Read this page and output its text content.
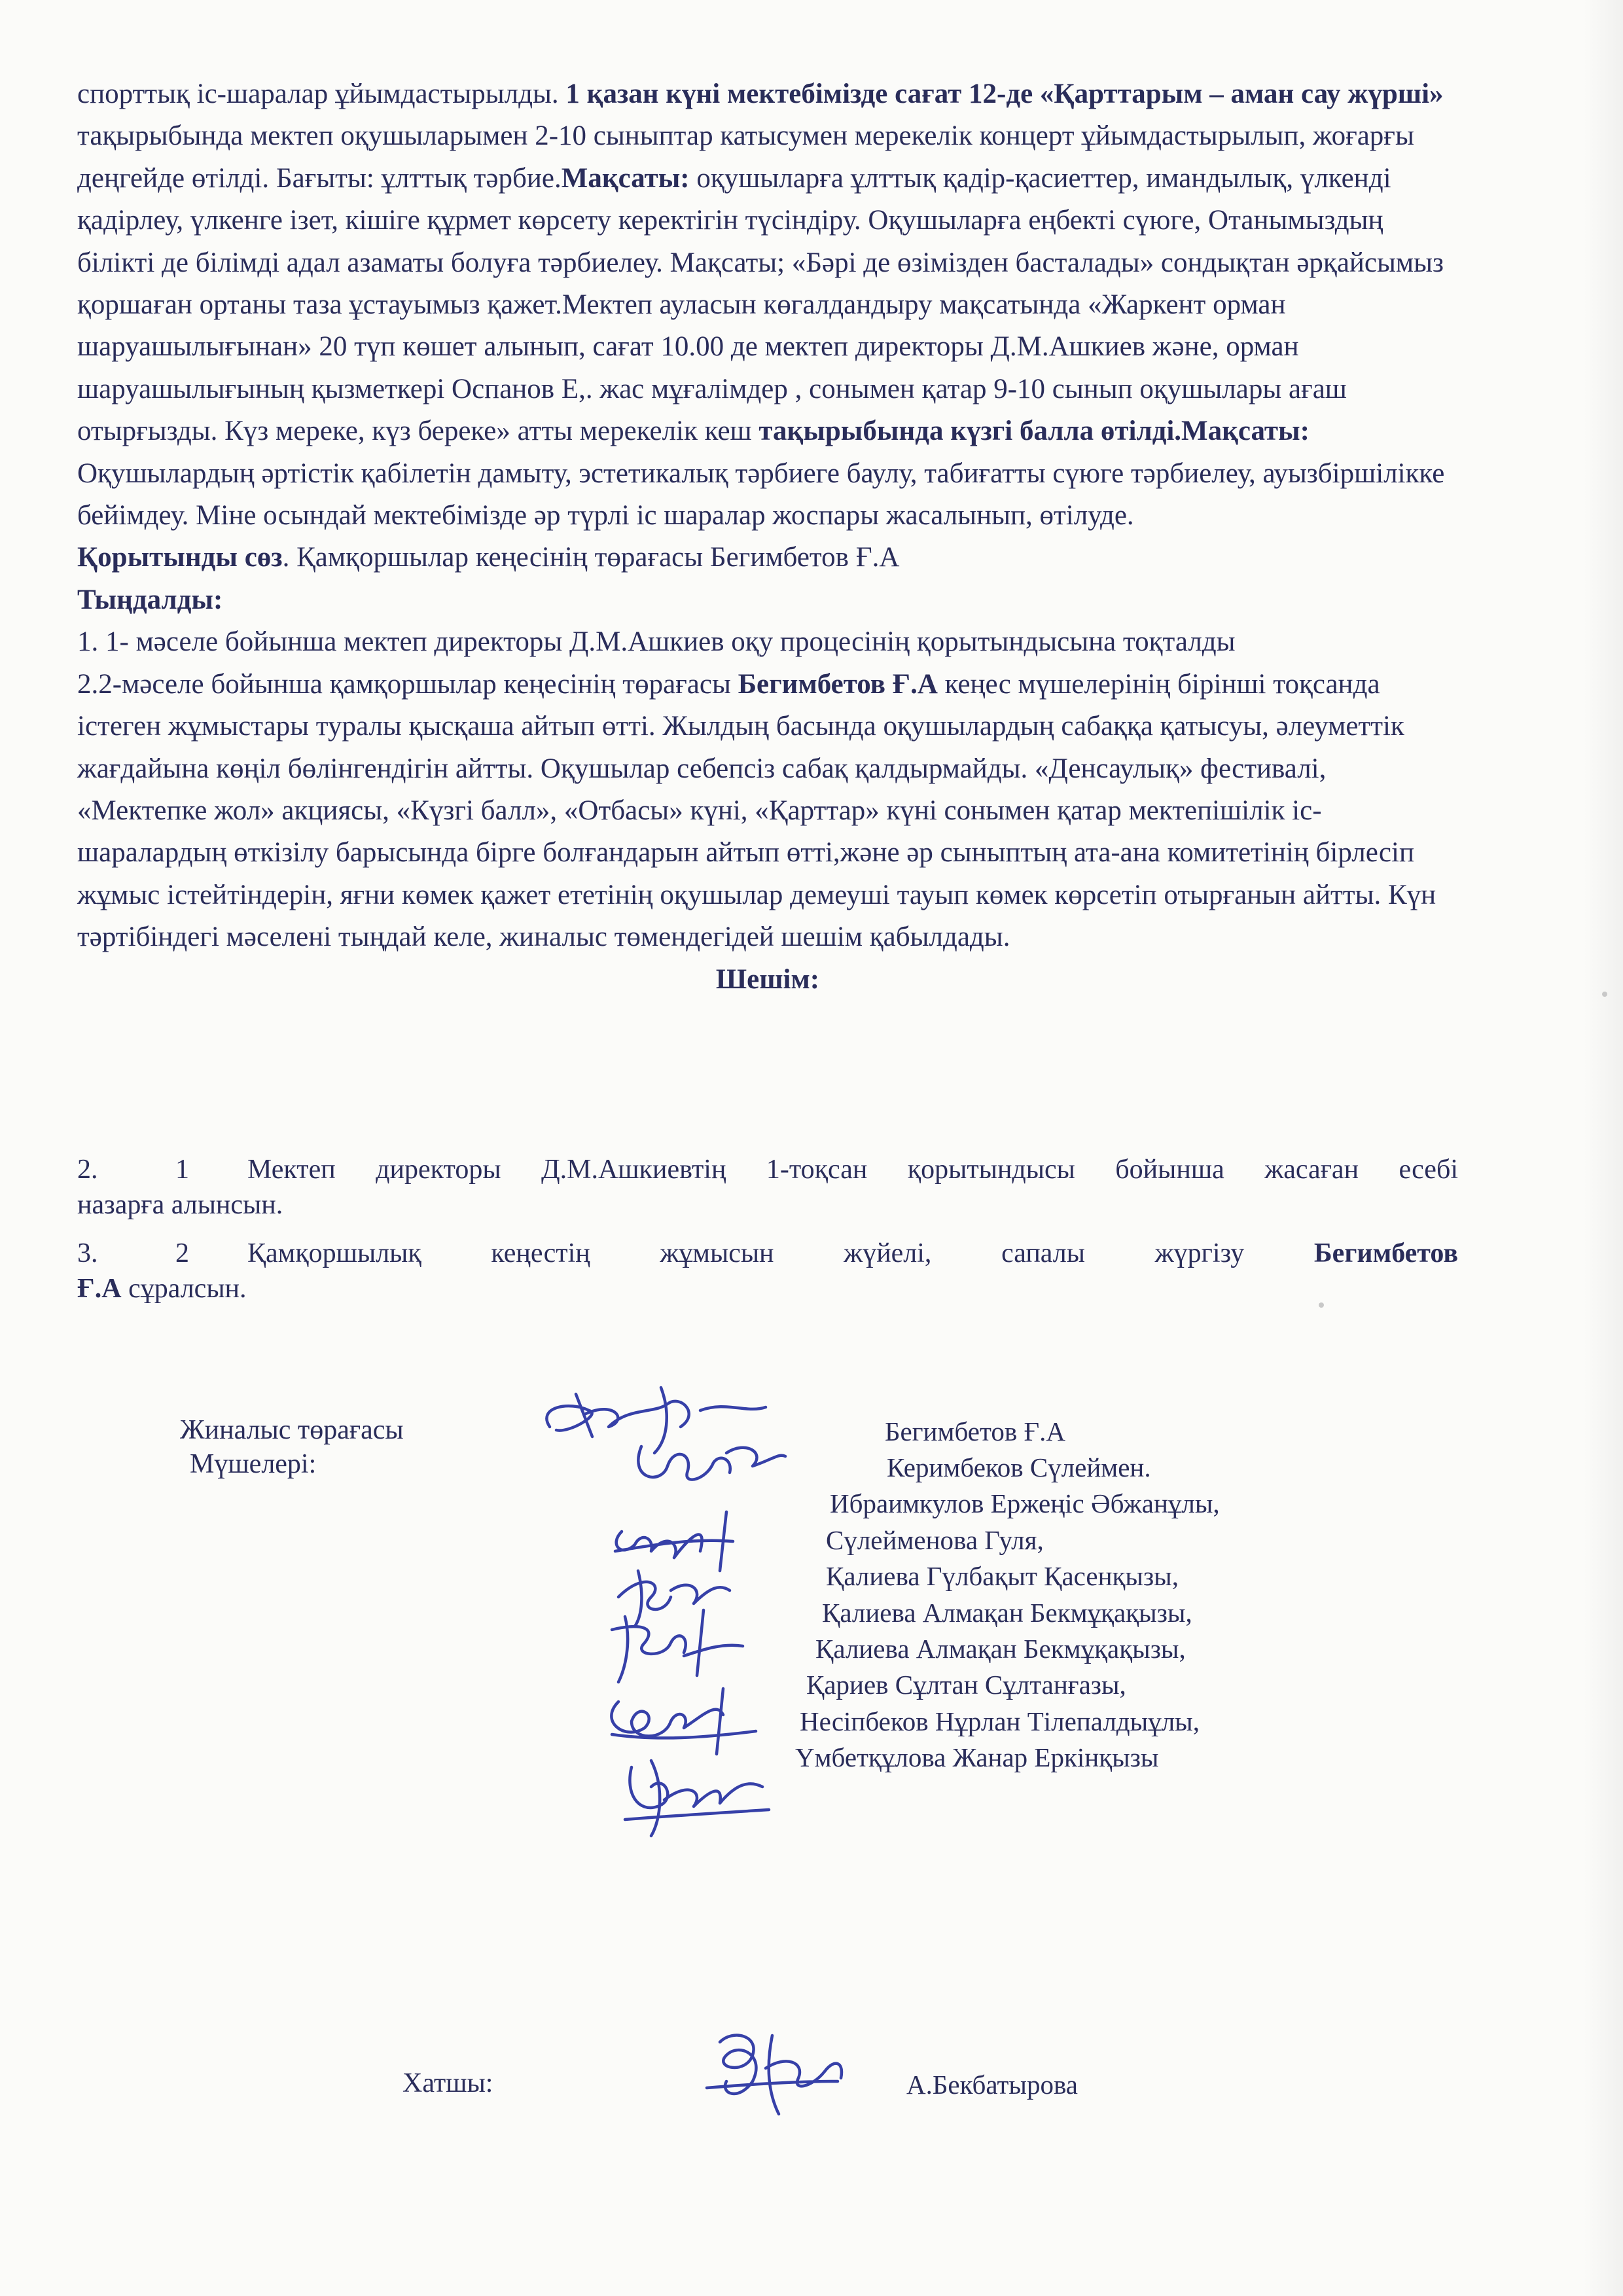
спорттық іс-шаралар ұйымдастырылды. 1 қазан күні мектебімізде сағат 12-де «Қарттарым – аман сау жүрші» тақырыбында мектеп оқушыларымен 2-10 сыныптар катысумен мерекелік концерт ұйымдастырылып, жоғарғы деңгейде өтілді. Бағыты: ұлттық тәрбие.Мақсаты: оқушыларға ұлттық қадір-қасиеттер, имандылық, үлкенді қадірлеу, үлкенге ізет, кішіге құрмет көрсету керектігін түсіндіру. Оқушыларға еңбекті сүюге, Отанымыздың білікті де білімді адал азаматы болуға тәрбиелеу. Мақсаты; «Бәрі де өзімізден басталады» сондықтан әрқайсымыз қоршаған ортаны таза ұстауымыз қажет.Мектеп ауласын көгалдандыру мақсатында «Жаркент орман шаруашылығынан» 20 түп көшет алынып, сағат 10.00 де мектеп директоры Д.М.Ашкиев және, орман шаруашылығының қызметкері Оспанов Е,. жас мұғалімдер , сонымен қатар 9-10 сынып оқушылары ағаш отырғызды. Күз мереке, күз береке» атты мерекелік кеш тақырыбында күзгі балла өтілді.Мақсаты: Оқушылардың әртістік қабілетін дамыту, эстетикалық тәрбиеге баулу, табиғатты сүюге тәрбиелеу, ауызбіршілікке бейімдеу. Міне осындай мектебімізде әр түрлі іс шаралар жоспары жасалынып, өтілуде.

Қорытынды сөз. Қамқоршылар кеңесінің төрағасы Бегимбетов Ғ.А

Тыңдалды:

1. 1- мәселе бойынша мектеп директоры Д.М.Ашкиев оқу процесінің қорытындысына тоқталды

2.2-мәселе бойынша қамқоршылар кеңесінің төрағасы Бегимбетов Ғ.А кеңес мүшелерінің бірінші тоқсанда істеген жұмыстары туралы қысқаша айтып өтті. Жылдың басында оқушылардың сабаққа қатысуы, әлеуметтік жағдайына көңіл бөлінгендігін айтты. Оқушылар себепсіз сабақ қалдырмайды. «Денсаулық» фестивалі, «Мектепке жол» акциясы, «Күзгі балл», «Отбасы» күні, «Қарттар» күні сонымен қатар мектепішілік іс-шаралардың өткізілу барысында бірге болғандарын айтып өтті,және әр сыныптың ата-ана комитетінің бірлесіп жұмыс істейтіндерін, яғни көмек қажет ететінің оқушылар демеуші тауып көмек көрсетіп отырғанын айтты. Күн тәртібіндегі мәселені тыңдай келе, жиналыс төмендегідей шешім қабылдады.

Шешім:

2.	1	Мектеп директоры Д.М.Ашкиевтің 1-тоқсан қорытындысы бойынша жасаған есебі
назарға алынсын.
3.	2	Қамқоршылық кеңестің жұмысын жүйелі, сапалы жүргізу Бегимбетов
Ғ.А сұралсын.
Жиналыс төрағасы
Мүшелері:
Бегимбетов Ғ.А
Керимбеков Сүлеймен.
Ибраимкулов Ержеңіс Әбжанұлы,
Сүлейменова Гуля,
Қалиева Гүлбақыт Қасенқызы,
Қалиева Алмақан Бекмұқақызы,
Қалиева Алмақан Бекмұқақызы,
Қариев Сұлтан Сұлтанғазы,
Несіпбеков Нұрлан Тілепалдыұлы,
Үмбетқұлова Жанар Еркінқызы
Хатшы:	А.Бекбатырова
